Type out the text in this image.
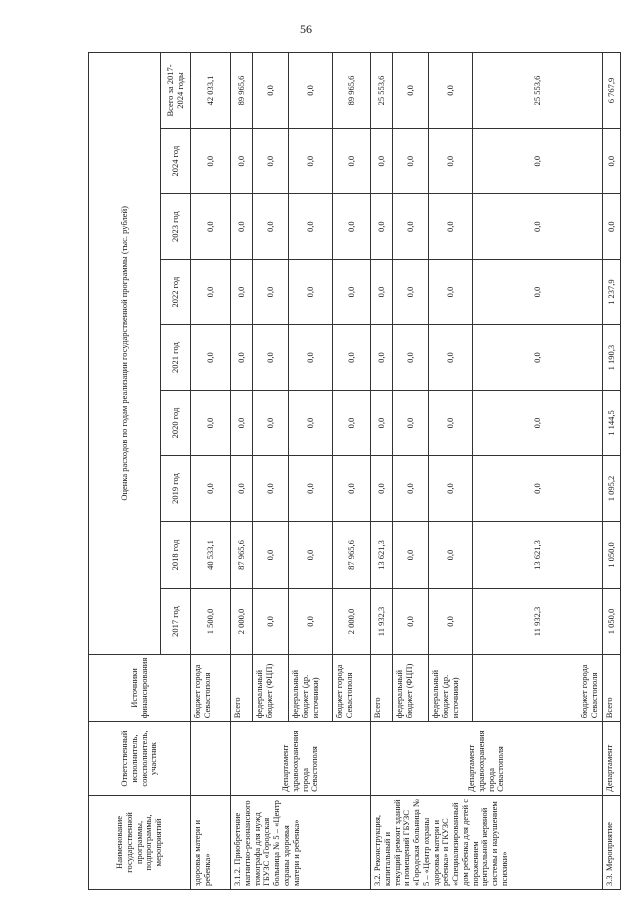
56
Наименование государственной программы, подпрограммы, мероприятий	Ответственный исполнитель, соисполнитель, участник	Источники финансирования	Оценка расходов по годам реализации государственной программы (тыс. рублей)								
			2017 год	2018 год	2019 год	2020 год	2021 год	2022 год	2023 год	2024 год	Всего за 2017-2024 годы
здоровья матери и ребенка»		бюджет города Севастополя	1 500,0	40 533,1	0,0	0,0	0,0	0,0	0,0	0,0	42 033,1
3.1.2. Приобретение магнитно-резонансного томографа для нужд ГБУЗС «Городская больница № 5 – «Центр охраны здоровья матери и ребенка»	Департамент здравоохранения города Севастополя	Всего	2 000,0	87 965,6	0,0	0,0	0,0	0,0	0,0	0,0	89 965,6
		федеральный бюджет (ФЦП)	0,0	0,0	0,0	0,0	0,0	0,0	0,0	0,0	0,0
		федеральный бюджет (др. источники)	0,0	0,0	0,0	0,0	0,0	0,0	0,0	0,0	0,0
		бюджет города Севастополя	2 000,0	87 965,6	0,0	0,0	0,0	0,0	0,0	0,0	89 965,6
3.2. Реконструкция, капитальный и текущий ремонт зданий и помещений ГБУЗС «Городская больница № 5 – «Центр охраны здоровья матери и ребенка» и ГКУЗС «Специализированный дом ребенка для детей с поражением центральной нервной системы и нарушением психики»	Департамент здравоохранения города Севастополя	Всего	11 932,3	13 621,3	0,0	0,0	0,0	0,0	0,0	0,0	25 553,6
		федеральный бюджет (ФЦП)	0,0	0,0	0,0	0,0	0,0	0,0	0,0	0,0	0,0
		федеральный бюджет (др. источники)	0,0	0,0	0,0	0,0	0,0	0,0	0,0	0,0	0,0
		бюджет города Севастополя	11 932,3	13 621,3	0,0	0,0	0,0	0,0	0,0	0,0	25 553,6
3.3. Мероприятие	Департамент	Всего	1 050,0	1 050,0	1 095,2	1 144,5	1 190,3	1 237,9	0,0	0,0	6 767,9
